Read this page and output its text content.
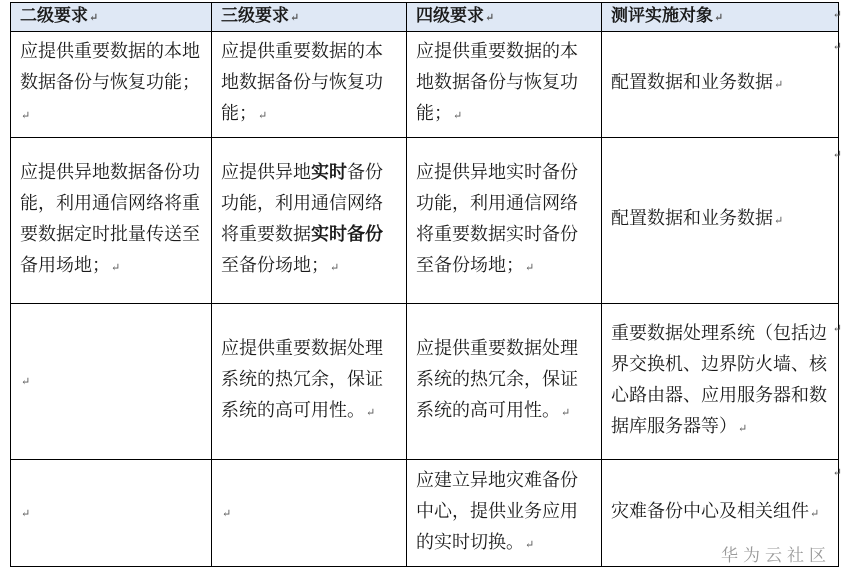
二级要求↵	三级要求↵	四级要求↵	测评实施对象↵
应提供重要数据的本地数据备份与恢复功能；↵	应提供重要数据的本地数据备份与恢复功能；↵	应提供重要数据的本地数据备份与恢复功能；↵	配置数据和业务数据↵
应提供异地数据备份功能，利用通信网络将重要数据定时批量传送至备用场地；↵	应提供异地实时备份功能，利用通信网络将重要数据实时备份至备份场地；↵	应提供异地实时备份功能，利用通信网络将重要数据实时备份至备份场地；↵	配置数据和业务数据↵
↵	应提供重要数据处理系统的热冗余，保证系统的高可用性。↵	应提供重要数据处理系统的热冗余，保证系统的高可用性。↵	重要数据处理系统（包括边界交换机、边界防火墙、核心路由器、应用服务器和数据库服务器等）↵
↵	↵	应建立异地灾难备份中心，提供业务应用的实时切换。↵	灾难备份中心及相关组件↵
↵
↵
↵
↵
↵
华为云社区
